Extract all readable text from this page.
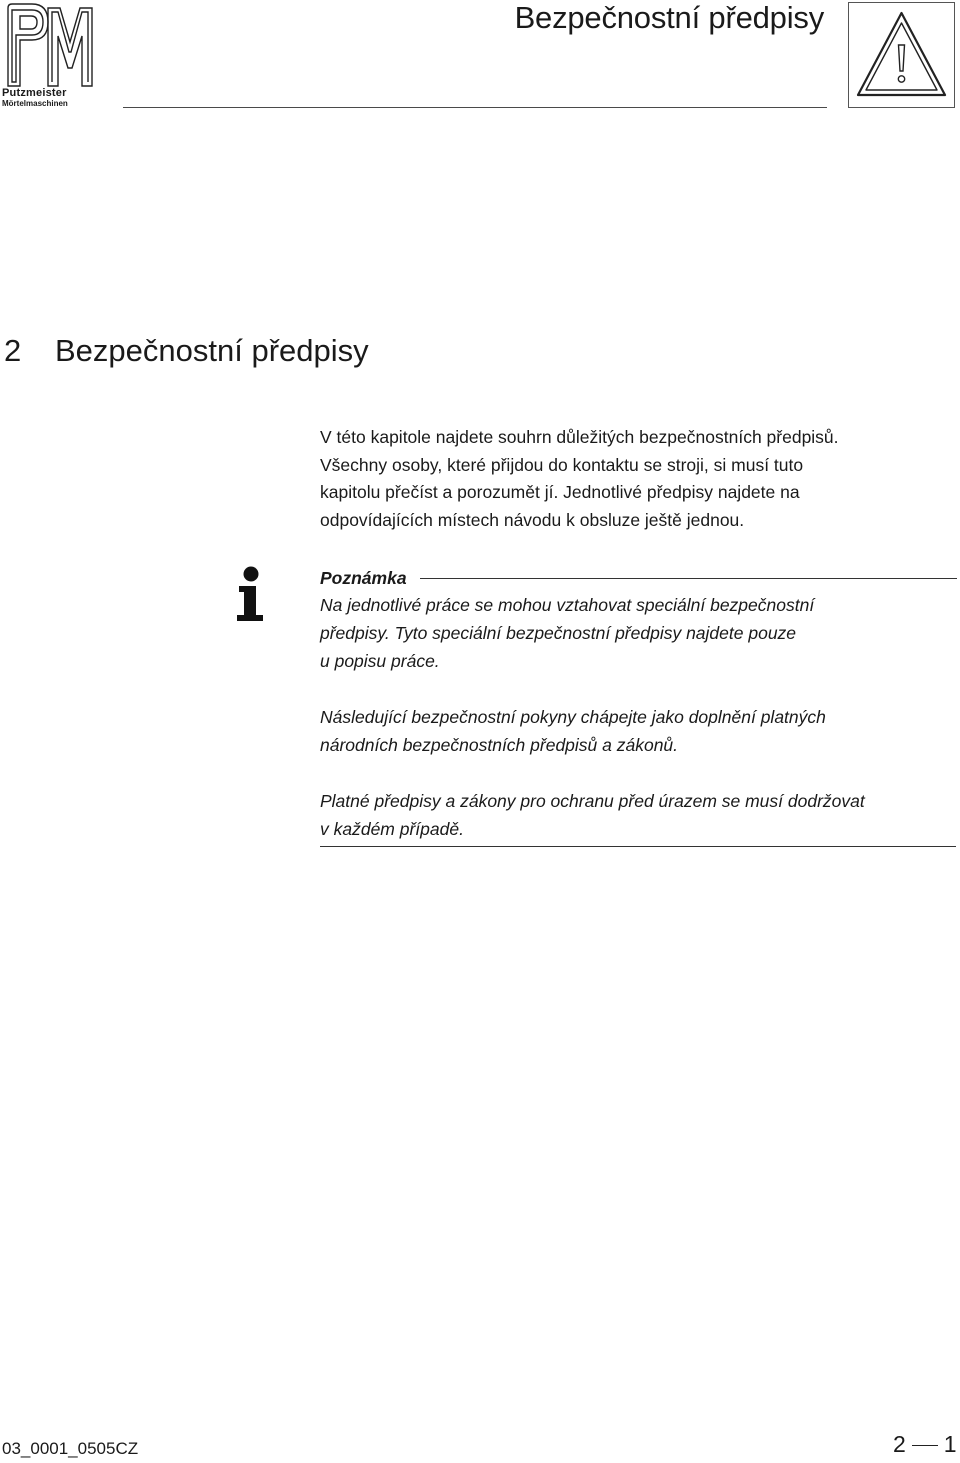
Putzmeister
Mörtelmaschinen
Bezpečnostní předpisy
2 Bezpečnostní předpisy

V této kapitole najdete souhrn důležitých bezpečnostních předpisů.
Všechny osoby, které přijdou do kontaktu se stroji, si musí tuto
kapitolu přečíst a porozumět jí. Jednotlivé předpisy najdete na
odpovídajících místech návodu k obsluze ještě jednou.

Poznámka

Na jednotlivé práce se mohou vztahovat speciální bezpečnostní
předpisy. Tyto speciální bezpečnostní předpisy najdete pouze
u popisu práce.

Následující bezpečnostní pokyny chápejte jako doplnění platných
národních bezpečnostních předpisů a zákonů.

Platné předpisy a zákony pro ochranu před úrazem se musí dodržovat
v každém případě.

03_0001_0505CZ	2 1
